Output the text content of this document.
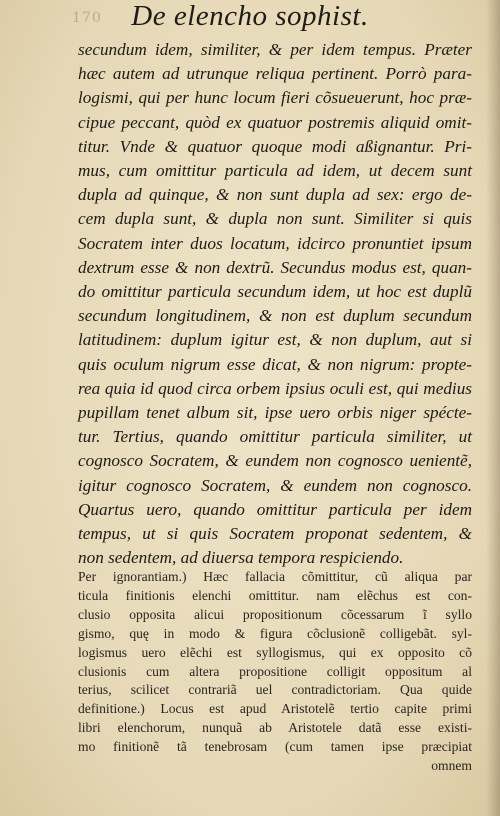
170	De elencho sophist.
secundum idem, similiter, & per idem tempus. Præter
hæc autem ad utrunque reliqua pertinent. Porrò para-
logismi, qui per hunc locum fieri cõsueuerunt, hoc præ-
cipue peccant, quòd ex quatuor postremis aliquid omit-
titur. Vnde & quatuor quoque modi aßignantur. Pri-
mus, cum omittitur particula ad idem, ut decem sunt
dupla ad quinque, & non sunt dupla ad sex: ergo de-
cem dupla sunt, & dupla non sunt. Similiter si quis
Socratem inter duos locatum, idcirco pronuntiet ipsum
dextrum esse & non dextrũ. Secundus modus est, quan-
do omittitur particula secundum idem, ut hoc est duplũ
secundum longitudinem, & non est duplum secundum
latitudinem: duplum igitur est, & non duplum, aut si
quis oculum nigrum esse dicat, & non nigrum: propte-
rea quia id quod circa orbem ipsius oculi est, qui medius
pupillam tenet album sit, ipse uero orbis niger spécte-
tur. Tertius, quando omittitur particula similiter, ut
cognosco Socratem, & eundem non cognosco uenientẽ,
igitur cognosco Socratem, & eundem non cognosco.
Quartus uero, quando omittitur particula per idem
tempus, ut si quis Socratem proponat sedentem, &
non sedentem, ad diuersa tempora respiciendo.
Per ignorantiam.) Hæc fallacia cõmittitur, cũ aliqua par
ticula finitionis elenchi omittitur. nam elẽchus est con-
clusio opposita alicui propositionum cõcessarum ĩ syllo
gismo, quę in modo & figura cõclusionẽ colligebãt. syl-
logismus uero elẽchi est syllogismus, qui ex opposito cõ
clusionis cum altera propositione colligit oppositum al
terius, scilicet contrariã uel contradictoriam. Qua quide
definitione.) Locus est apud Aristotelẽ tertio capite primi
libri elenchorum, nunquã ab Aristotele datã esse existi-
mo finitionẽ tã tenebrosam (cum tamen ipse præcipiat
omnem
